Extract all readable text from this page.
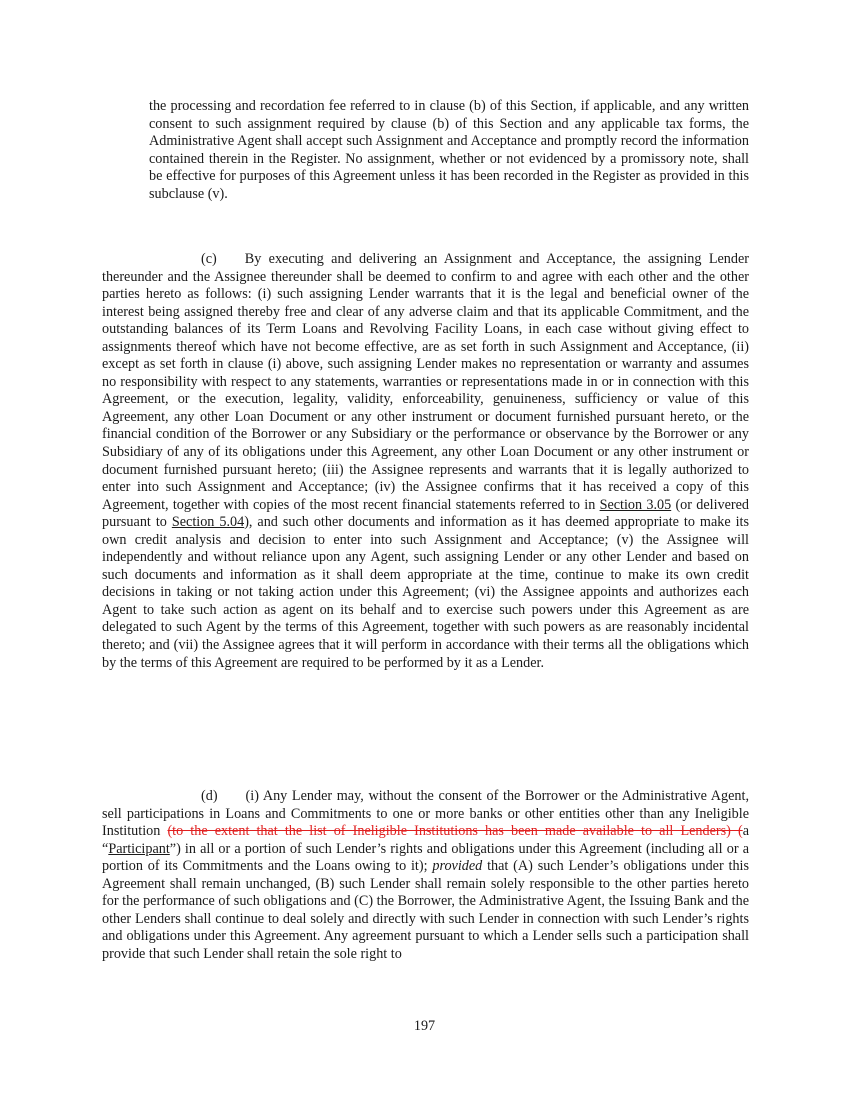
the processing and recordation fee referred to in clause (b) of this Section, if applicable, and any written consent to such assignment required by clause (b) of this Section and any applicable tax forms, the Administrative Agent shall accept such Assignment and Acceptance and promptly record the information contained therein in the Register. No assignment, whether or not evidenced by a promissory note, shall be effective for purposes of this Agreement unless it has been recorded in the Register as provided in this subclause (v).

(c) By executing and delivering an Assignment and Acceptance, the assigning Lender thereunder and the Assignee thereunder shall be deemed to confirm to and agree with each other and the other parties hereto as follows: (i) such assigning Lender warrants that it is the legal and beneficial owner of the interest being assigned thereby free and clear of any adverse claim and that its applicable Commitment, and the outstanding balances of its Term Loans and Revolving Facility Loans, in each case without giving effect to assignments thereof which have not become effective, are as set forth in such Assignment and Acceptance, (ii) except as set forth in clause (i) above, such assigning Lender makes no representation or warranty and assumes no responsibility with respect to any statements, warranties or representations made in or in connection with this Agreement, or the execution, legality, validity, enforceability, genuineness, sufficiency or value of this Agreement, any other Loan Document or any other instrument or document furnished pursuant hereto, or the financial condition of the Borrower or any Subsidiary or the performance or observance by the Borrower or any Subsidiary of any of its obligations under this Agreement, any other Loan Document or any other instrument or document furnished pursuant hereto; (iii) the Assignee represents and warrants that it is legally authorized to enter into such Assignment and Acceptance; (iv) the Assignee confirms that it has received a copy of this Agreement, together with copies of the most recent financial statements referred to in Section 3.05 (or delivered pursuant to Section 5.04), and such other documents and information as it has deemed appropriate to make its own credit analysis and decision to enter into such Assignment and Acceptance; (v) the Assignee will independently and without reliance upon any Agent, such assigning Lender or any other Lender and based on such documents and information as it shall deem appropriate at the time, continue to make its own credit decisions in taking or not taking action under this Agreement; (vi) the Assignee appoints and authorizes each Agent to take such action as agent on its behalf and to exercise such powers under this Agreement as are delegated to such Agent by the terms of this Agreement, together with such powers as are reasonably incidental thereto; and (vii) the Assignee agrees that it will perform in accordance with their terms all the obligations which by the terms of this Agreement are required to be performed by it as a Lender.

(d) (i) Any Lender may, without the consent of the Borrower or the Administrative Agent, sell participations in Loans and Commitments to one or more banks or other entities other than any Ineligible Institution (to the extent that the list of Ineligible Institutions has been made available to all Lenders) (a “Participant”) in all or a portion of such Lender’s rights and obligations under this Agreement (including all or a portion of its Commitments and the Loans owing to it); provided that (A) such Lender’s obligations under this Agreement shall remain unchanged, (B) such Lender shall remain solely responsible to the other parties hereto for the performance of such obligations and (C) the Borrower, the Administrative Agent, the Issuing Bank and the other Lenders shall continue to deal solely and directly with such Lender in connection with such Lender’s rights and obligations under this Agreement. Any agreement pursuant to which a Lender sells such a participation shall provide that such Lender shall retain the sole right to

197
